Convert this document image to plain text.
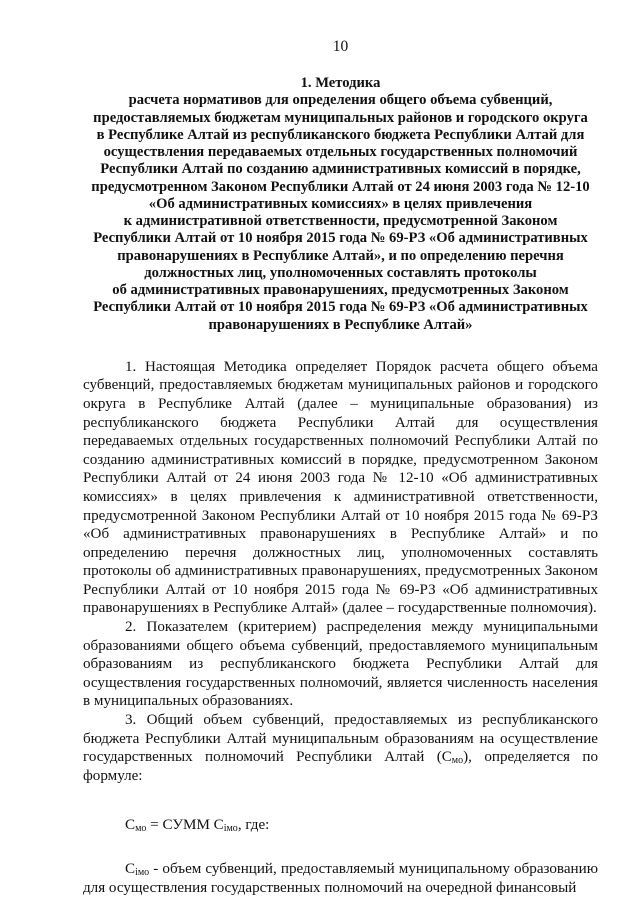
10
1. Методика
расчета нормативов для определения общего объема субвенций,
предоставляемых бюджетам муниципальных районов и городского округа
в Республике Алтай из республиканского бюджета Республики Алтай для
осуществления передаваемых отдельных государственных полномочий
Республики Алтай по созданию административных комиссий в порядке,
предусмотренном Законом Республики Алтай от 24 июня 2003 года № 12-10
«Об административных комиссиях» в целях привлечения
к административной ответственности, предусмотренной Законом
Республики Алтай от 10 ноября 2015 года № 69-РЗ «Об административных
правонарушениях в Республике Алтай», и по определению перечня
должностных лиц, уполномоченных составлять протоколы
об административных правонарушениях, предусмотренных Законом
Республики Алтай от 10 ноября 2015 года № 69-РЗ «Об административных
правонарушениях в Республике Алтай»

1. Настоящая Методика определяет Порядок расчета общего объема субвенций, предоставляемых бюджетам муниципальных районов и городского округа в Республике Алтай (далее – муниципальные образования) из республиканского бюджета Республики Алтай для осуществления передаваемых отдельных государственных полномочий Республики Алтай по созданию административных комиссий в порядке, предусмотренном Законом Республики Алтай от 24 июня 2003 года № 12-10 «Об административных комиссиях» в целях привлечения к административной ответственности, предусмотренной Законом Республики Алтай от 10 ноября 2015 года № 69-РЗ «Об административных правонарушениях в Республике Алтай» и по определению перечня должностных лиц, уполномоченных составлять протоколы об административных правонарушениях, предусмотренных Законом Республики Алтай от 10 ноября 2015 года № 69-РЗ «Об административных правонарушениях в Республике Алтай» (далее – государственные полномочия).

2. Показателем (критерием) распределения между муниципальными образованиями общего объема субвенций, предоставляемого муниципальным образованиям из республиканского бюджета Республики Алтай для осуществления государственных полномочий, является численность населения в муниципальных образованиях.

3. Общий объем субвенций, предоставляемых из республиканского бюджета Республики Алтай муниципальным образованиям на осуществление государственных полномочий Республики Алтай $(С_{мо})$, определяется по формуле:

$С_{мо}$ = СУММ $С_{iмо}$, где:

$С_{iмо}$ - объем субвенций, предоставляемый муниципальному образованию для осуществления государственных полномочий на очередной финансовый
